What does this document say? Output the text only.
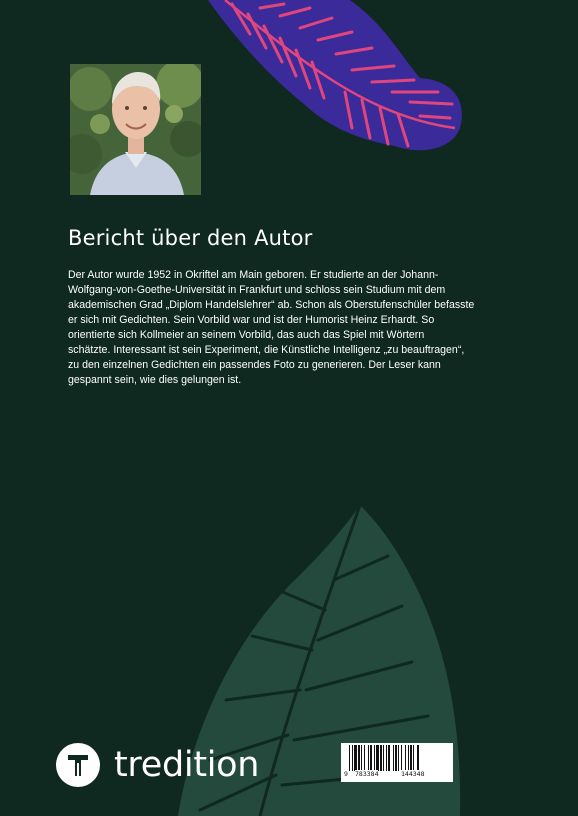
Bericht über den Autor
Der Autor wurde 1952 in Okriftel am Main geboren. Er studierte an der Johann-
Wolfgang-von-Goethe-Universität in Frankfurt und schloss sein Studium mit dem
akademischen Grad „Diplom Handelslehrer“ ab. Schon als Oberstufenschüler befasste
er sich mit Gedichten. Sein Vorbild war und ist der Humorist Heinz Erhardt. So
orientierte sich Kollmeier an seinem Vorbild, das auch das Spiel mit Wörtern
schätzte. Interessant ist sein Experiment, die Künstliche Intelligenz „zu beauftragen“,
zu den einzelnen Gedichten ein passendes Foto zu generieren. Der Leser kann
gespannt sein, wie dies gelungen ist.
tredition	9 783384	144348
